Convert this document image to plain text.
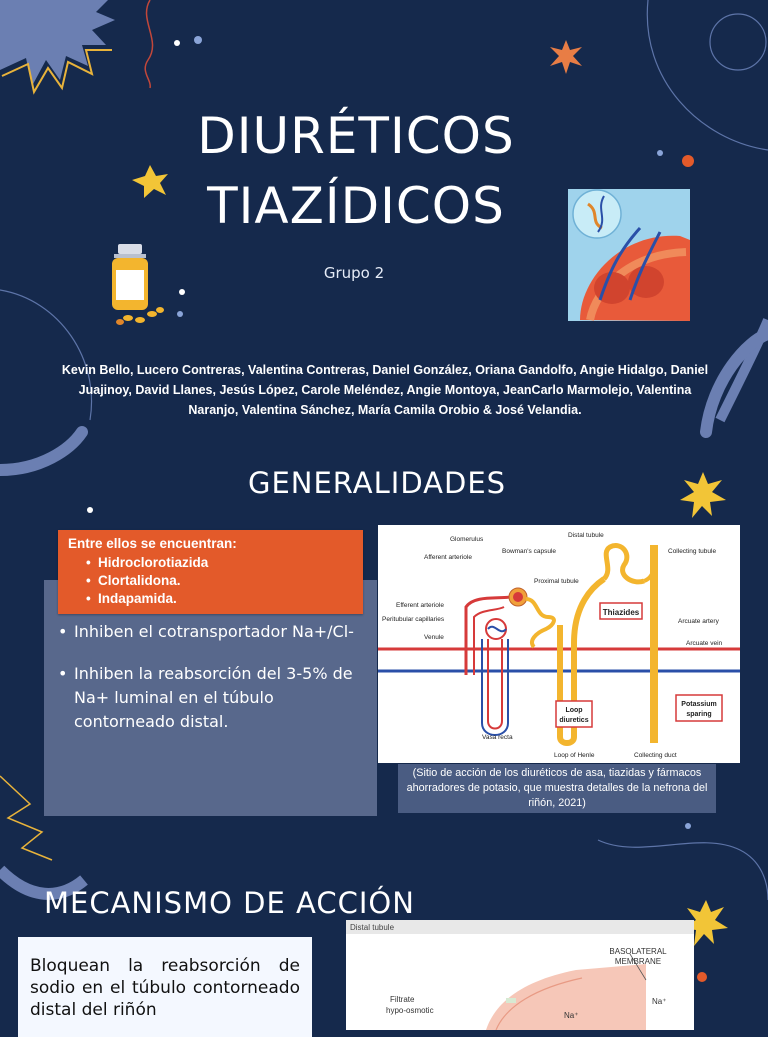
DIURÉTICOS
TIAZÍDICOS
Grupo 2
Kevin Bello, Lucero Contreras, Valentina Contreras, Daniel González, Oriana Gandolfo, Angie Hidalgo, Daniel Juajinoy, David Llanes, Jesús López, Carole Meléndez, Angie Montoya, JeanCarlo Marmolejo, Valentina Naranjo, Valentina Sánchez, María Camila Orobio & José Velandia.
GENERALIDADES
Entre ellos se encuentran:
• Hidroclorotiazida
• Clortalidona.
• Indapamida.
• Inhiben el cotransportador Na+/Cl-
• Inhiben la reabsorción del 3-5% de Na+ luminal en el túbulo contorneado distal.
Thiazides
Loop
diuretics
Potassium
sparing
Glomerulus
Bowman's capsule
Afferent arteriole
Distal tubule
Collecting tubule
Proximal tubule
Efferent arteriole
Peritubular capillaries
Venule
Arcuate artery
Arcuate vein
Vasa recta
Loop of Henle	Collecting duct
(Sitio de acción de los diuréticos de asa, tiazidas y fármacos ahorradores de potasio, que muestra detalles de la nefrona del riñón, 2021)
MECANISMO DE ACCIÓN
Bloquean la reabsorción de sodio en el túbulo contorneado distal del riñón
Distal tubule
BASOLATERAL
MEMBRANE
Filtrate
hypo-osmotic
Na⁺
Na⁺
